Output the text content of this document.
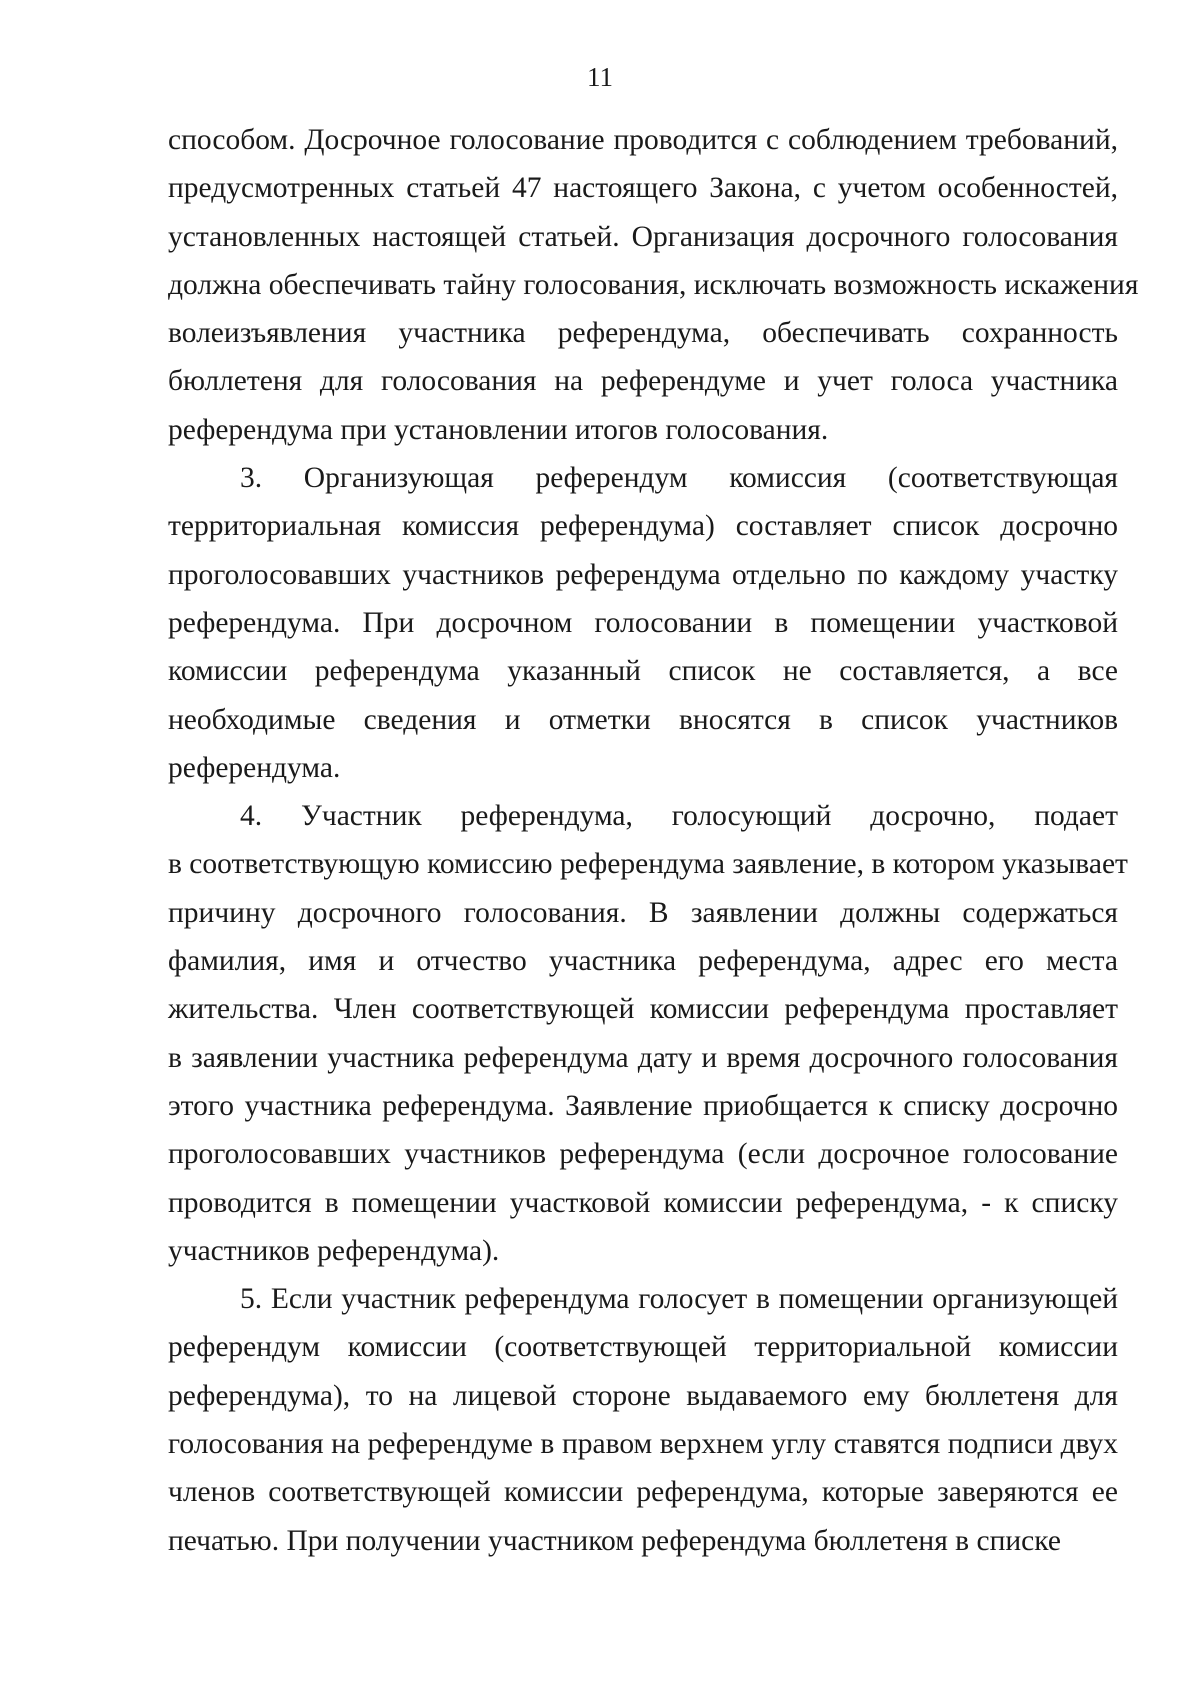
11
способом. Досрочное голосование проводится с соблюдением требований,
предусмотренных статьей 47 настоящего Закона, с учетом особенностей,
установленных настоящей статьей. Организация досрочного голосования
должна обеспечивать тайну голосования, исключать возможность искажения
волеизъявления участника референдума, обеспечивать сохранность
бюллетеня для голосования на референдуме и учет голоса участника
референдума при установлении итогов голосования.
3. Организующая референдум комиссия (соответствующая
территориальная комиссия референдума) составляет список досрочно
проголосовавших участников референдума отдельно по каждому участку
референдума. При досрочном голосовании в помещении участковой
комиссии референдума указанный список не составляется, а все
необходимые сведения и отметки вносятся в список участников
референдума.
4. Участник референдума, голосующий досрочно, подает
в соответствующую комиссию референдума заявление, в котором указывает
причину досрочного голосования. В заявлении должны содержаться
фамилия, имя и отчество участника референдума, адрес его места
жительства. Член соответствующей комиссии референдума проставляет
в заявлении участника референдума дату и время досрочного голосования
этого участника референдума. Заявление приобщается к списку досрочно
проголосовавших участников референдума (если досрочное голосование
проводится в помещении участковой комиссии референдума, - к списку
участников референдума).
5. Если участник референдума голосует в помещении организующей
референдум комиссии (соответствующей территориальной комиссии
референдума), то на лицевой стороне выдаваемого ему бюллетеня для
голосования на референдуме в правом верхнем углу ставятся подписи двух
членов соответствующей комиссии референдума, которые заверяются ее
печатью. При получении участником референдума бюллетеня в списке
